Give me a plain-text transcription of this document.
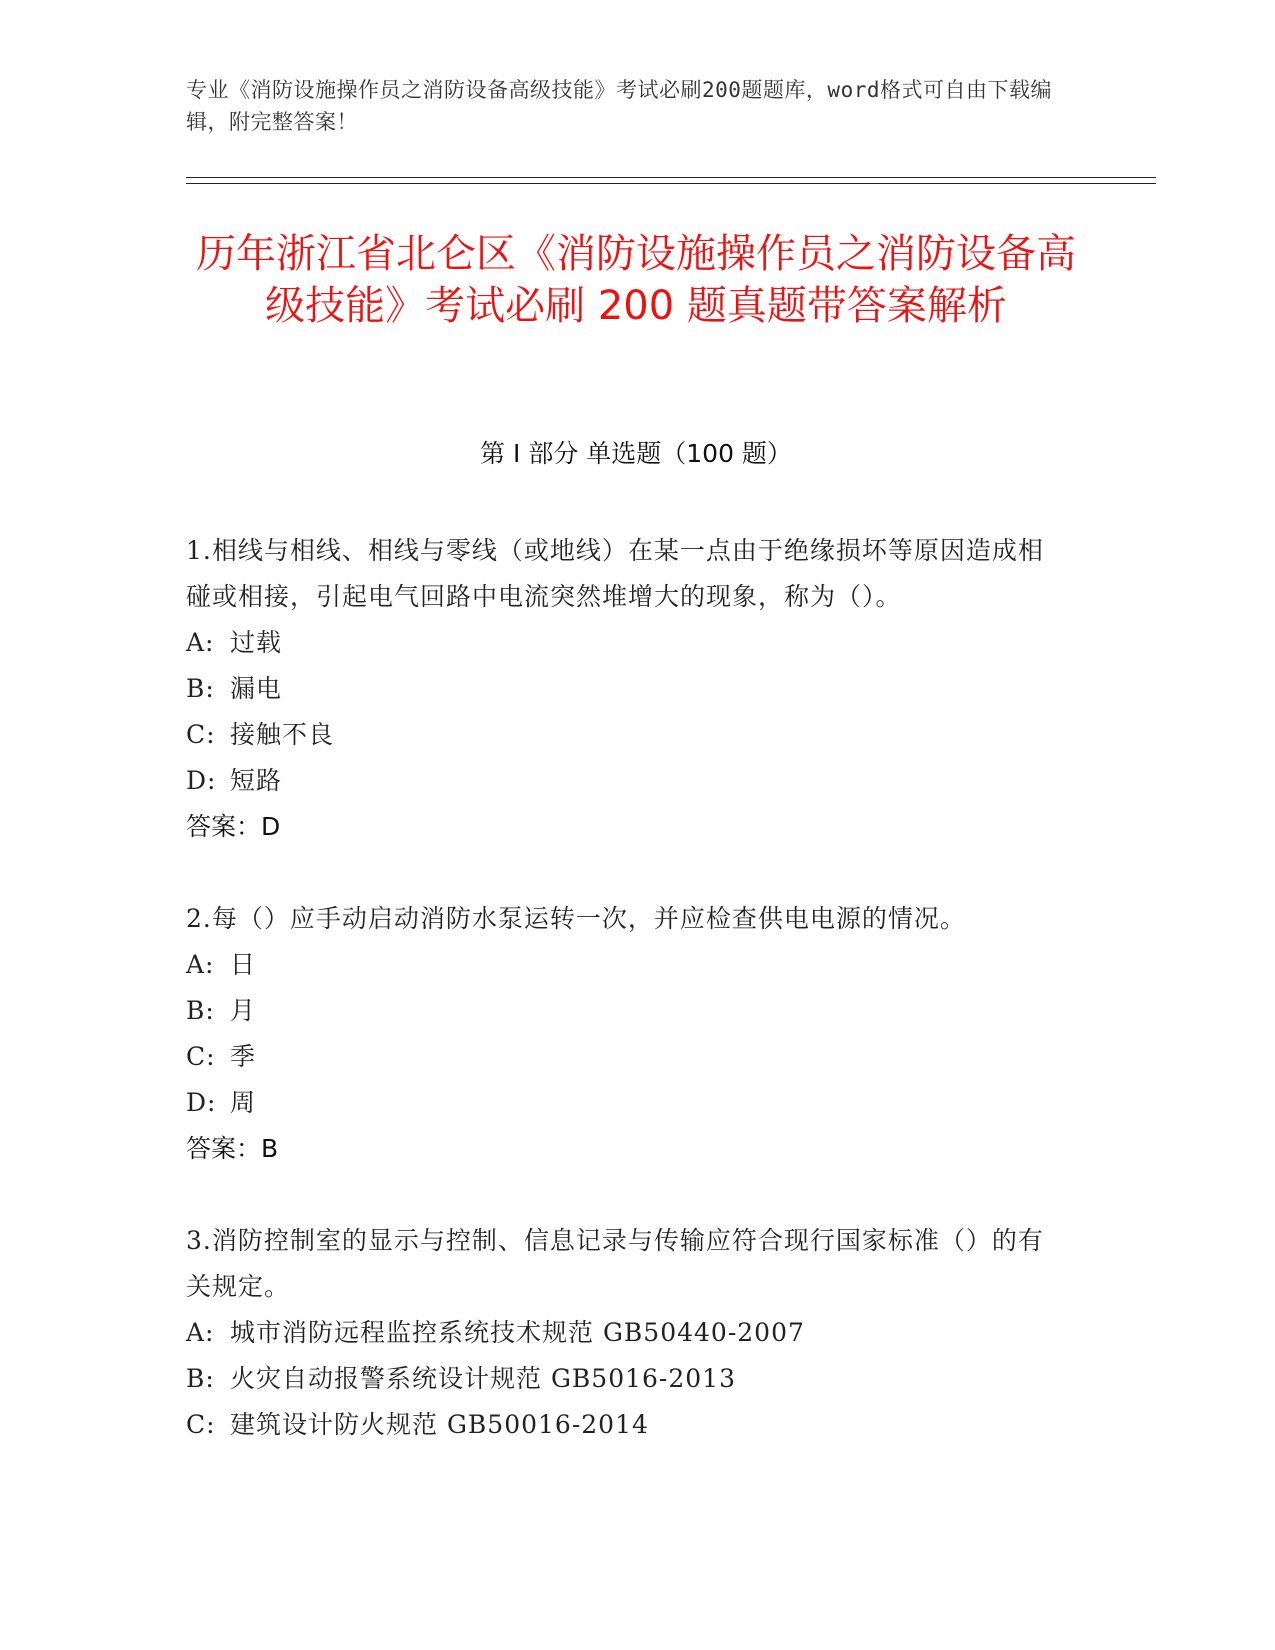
专业《消防设施操作员之消防设备高级技能》考试必刷200题题库，word格式可自由下载编辑，附完整答案！
历年浙江省北仑区《消防设施操作员之消防设备高级技能》考试必刷 200 题真题带答案解析
第 I 部分 单选题（100 题）

1.相线与相线、相线与零线（或地线）在某一点由于绝缘损坏等原因造成相碰或相接，引起电气回路中电流突然堆增大的现象，称为（）。

A: 过载

B: 漏电

C: 接触不良

D: 短路

答案：D

2.每（）应手动启动消防水泵运转一次，并应检查供电电源的情况。

A: 日

B: 月

C: 季

D: 周

答案：B

3.消防控制室的显示与控制、信息记录与传输应符合现行国家标准（）的有关规定。

A: 城市消防远程监控系统技术规范 GB50440-2007

B: 火灾自动报警系统设计规范 GB5016-2013

C: 建筑设计防火规范 GB50016-2014
